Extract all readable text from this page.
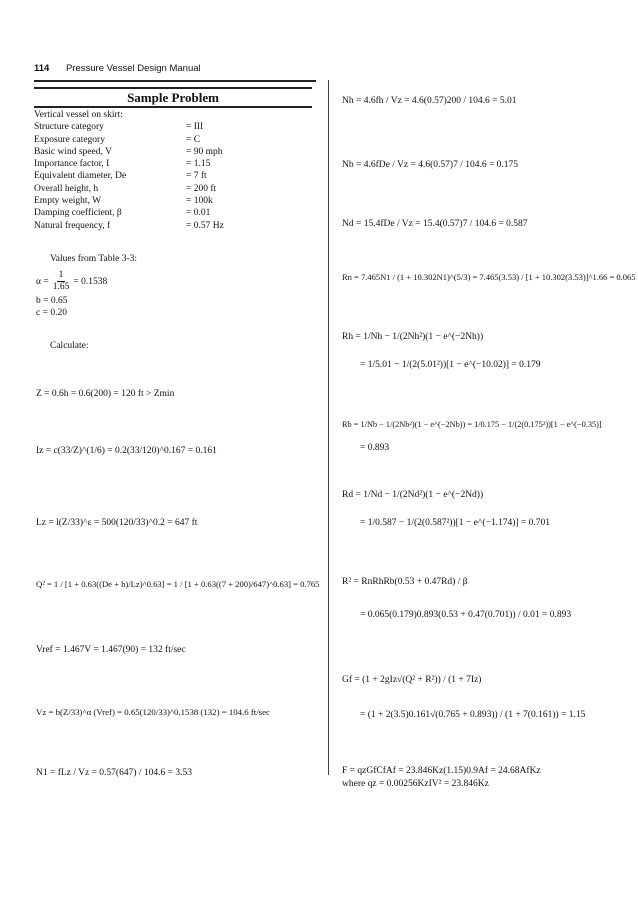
114 Pressure Vessel Design Manual
Sample Problem
Vertical vessel on skirt:
Structure category	= III
Exposure category	= C
Basic wind speed, V	= 90 mph
Importance factor, I	= 1.15
Equivalent diameter, De	= 7 ft
Overall height, h	= 200 ft
Empty weight, W	= 100k
Damping coefficient, β	= 0.01
Natural frequency, f	= 0.57 Hz
Values from Table 3-3:
$\alpha = \frac{1}{1.65} = 0.1538$
b = 0.65
c = 0.20
Calculate:
Z = 0.6h = 0.6(200) = 120 ft > Zmin
Iz = c(33/Z)^(1/6) = 0.2(33/120)^0.167 = 0.161
Lz = l(Z/33)^ε = 500(120/33)^0.2 = 647 ft
Q² = 1 / [1 + 0.63((De + h)/Lz)^0.63] = 1 / [1 + 0.63((7 + 200)/647)^0.63] = 0.765
Vref = 1.467V = 1.467(90) = 132 ft/sec
Vz = b(Z/33)^α (Vref) = 0.65(120/33)^0.1538 (132) = 104.6 ft/sec
N1 = fLz / Vz = 0.57(647) / 104.6 = 3.53
Nh = 4.6fh / Vz = 4.6(0.57)200 / 104.6 = 5.01
Nb = 4.6fDe / Vz = 4.6(0.57)7 / 104.6 = 0.175
Nd = 15.4fDe / Vz = 15.4(0.57)7 / 104.6 = 0.587
Rn = 7.465N1 / (1 + 10.302N1)^(5/3) = 7.465(3.53) / [1 + 10.302(3.53)]^1.66 = 0.065
Rh = 1/Nh − 1/(2Nh²)(1 − e^(−2Nh))
= 1/5.01 − 1/(2(5.01²))[1 − e^(−10.02)] = 0.179
Rb = 1/Nb − 1/(2Nb²)(1 − e^(−2Nb)) = 1/0.175 − 1/(2(0.175²))[1 − e^(−0.35)]
= 0.893
Rd = 1/Nd − 1/(2Nd²)(1 − e^(−2Nd))
= 1/0.587 − 1/(2(0.587²))[1 − e^(−1.174)] = 0.701
R² = RnRhRb(0.53 + 0.47Rd) / β
= 0.065(0.179)0.893(0.53 + 0.47(0.701)) / 0.01 = 0.893
Gf = (1 + 2gIz√(Q² + R²)) / (1 + 7Iz)
= (1 + 2(3.5)0.161√(0.765 + 0.893)) / (1 + 7(0.161)) = 1.15
F = qzGfCfAf = 23.846Kz(1.15)0.9Af = 24.68AfKz
where qz = 0.00256KzIV² = 23.846Kz
